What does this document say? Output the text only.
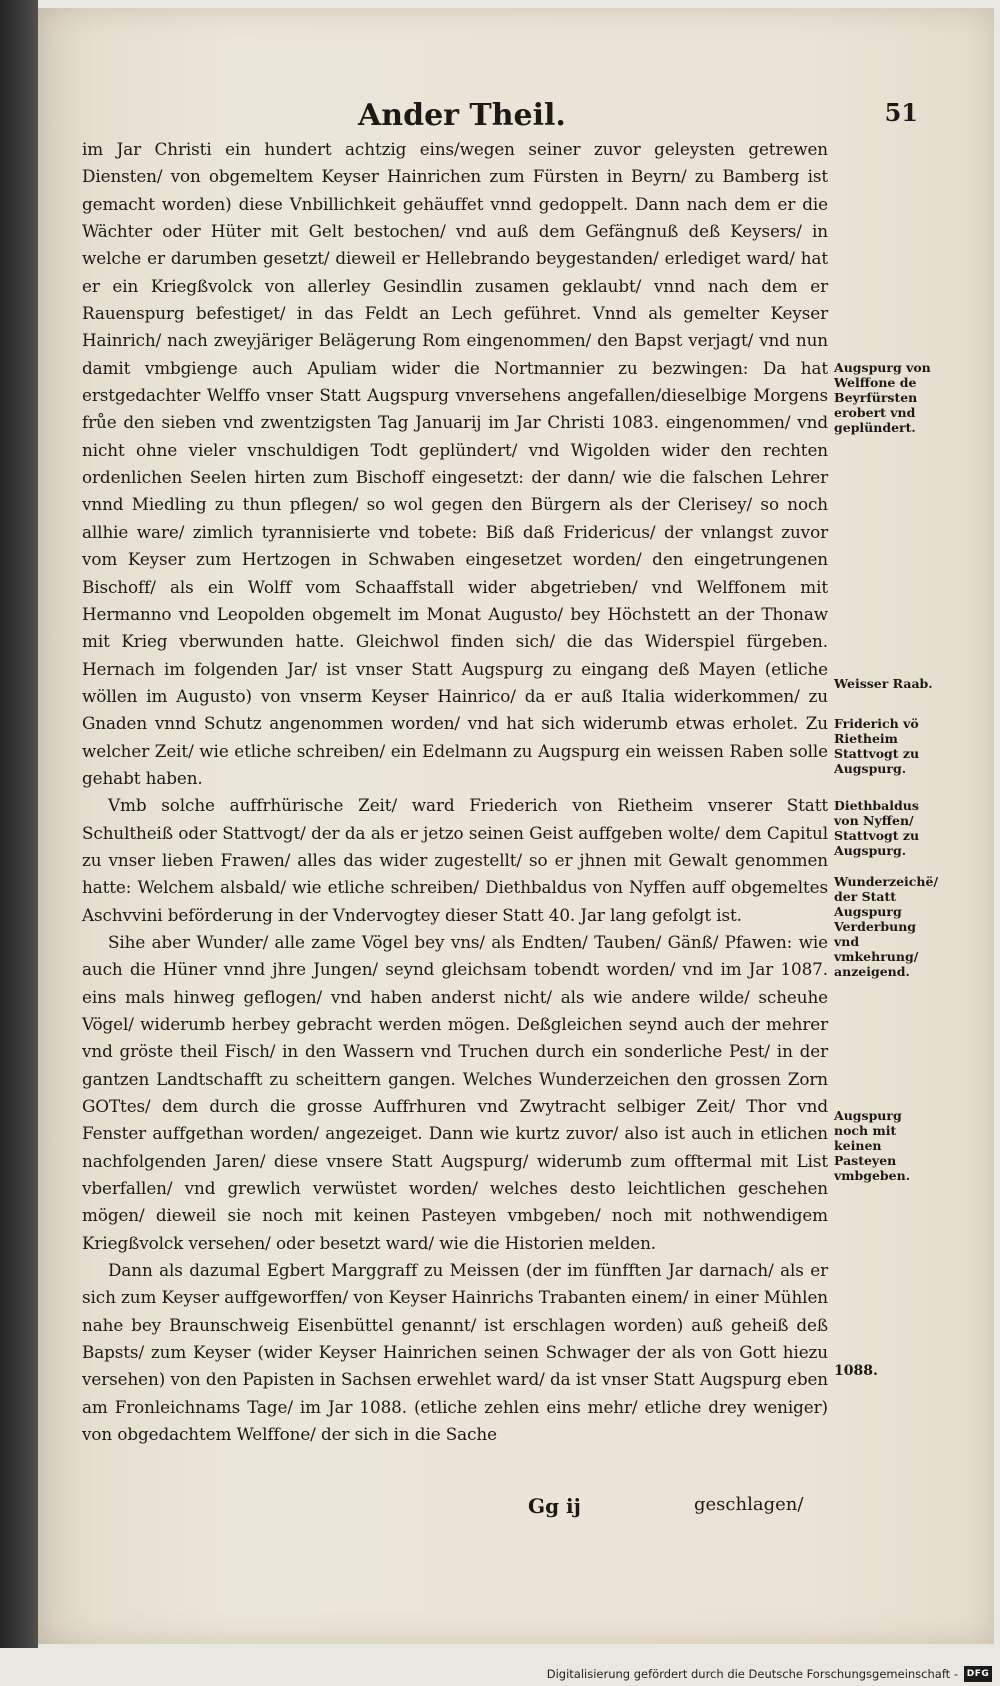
Ander Theil.	51

im Jar Christi ein hundert achtzig eins/wegen seiner zuvor geleysten getrewen Diensten/ von obgemeltem Keyser Hainrichen zum Fürsten in Beyrn/ zu Bamberg ist gemacht worden) diese Vnbillichkeit gehäuffet vnnd gedoppelt. Dann nach dem er die Wächter oder Hüter mit Gelt bestochen/ vnd auß dem Gefängnuß deß Keysers/ in welche er darumben gesetzt/ dieweil er Hellebrando beygestanden/ erlediget ward/ hat er ein Kriegßvolck von allerley Gesindlin zusamen geklaubt/ vnnd nach dem er Rauenspurg befestiget/ in das Feldt an Lech geführet. Vnnd als gemelter Keyser Hainrich/ nach zweyjäriger Belägerung Rom eingenommen/ den Bapst verjagt/ vnd nun damit vmbgienge auch Apuliam wider die Nortmannier zu bezwingen: Da hat erstgedachter Welffo vnser Statt Augspurg vnversehens angefallen/dieselbige Morgens frůe den sieben vnd zwentzigsten Tag Januarij im Jar Christi 1083. eingenommen/ vnd nicht ohne vieler vnschuldigen Todt geplündert/ vnd Wigolden wider den rechten ordenlichen Seelen hirten zum Bischoff eingesetzt: der dann/ wie die falschen Lehrer vnnd Miedling zu thun pflegen/ so wol gegen den Bürgern als der Clerisey/ so noch allhie ware/ zimlich tyrannisierte vnd tobete: Biß daß Fridericus/ der vnlangst zuvor vom Keyser zum Hertzogen in Schwaben eingesetzet worden/ den eingetrungenen Bischoff/ als ein Wolff vom Schaaffstall wider abgetrieben/ vnd Welffonem mit Hermanno vnd Leopolden obgemelt im Monat Augusto/ bey Höchstett an der Thonaw mit Krieg vberwunden hatte. Gleichwol finden sich/ die das Widerspiel fürgeben. Hernach im folgenden Jar/ ist vnser Statt Augspurg zu eingang deß Mayen (etliche wöllen im Augusto) von vnserm Keyser Hainrico/ da er auß Italia widerkommen/ zu Gnaden vnnd Schutz angenommen worden/ vnd hat sich widerumb etwas erholet. Zu welcher Zeit/ wie etliche schreiben/ ein Edelmann zu Augspurg ein weissen Raben solle gehabt haben.

Vmb solche auffrhürische Zeit/ ward Friederich von Rietheim vnserer Statt Schultheiß oder Stattvogt/ der da als er jetzo seinen Geist auffgeben wolte/ dem Capitul zu vnser lieben Frawen/ alles das wider zugestellt/ so er jhnen mit Gewalt genommen hatte: Welchem alsbald/ wie etliche schreiben/ Diethbaldus von Nyffen auff obgemeltes Aschvvini beförderung in der Vndervogtey dieser Statt 40. Jar lang gefolgt ist.

Sihe aber Wunder/ alle zame Vögel bey vns/ als Endten/ Tauben/ Gänß/ Pfawen: wie auch die Hüner vnnd jhre Jungen/ seynd gleichsam tobendt worden/ vnd im Jar 1087. eins mals hinweg geflogen/ vnd haben anderst nicht/ als wie andere wilde/ scheuhe Vögel/ widerumb herbey gebracht werden mögen. Deßgleichen seynd auch der mehrer vnd gröste theil Fisch/ in den Wassern vnd Truchen durch ein sonderliche Pest/ in der gantzen Landtschafft zu scheittern gangen. Welches Wunderzeichen den grossen Zorn GOTtes/ dem durch die grosse Auffrhuren vnd Zwytracht selbiger Zeit/ Thor vnd Fenster auffgethan worden/ angezeiget. Dann wie kurtz zuvor/ also ist auch in etlichen nachfolgenden Jaren/ diese vnsere Statt Augspurg/ widerumb zum offtermal mit List vberfallen/ vnd grewlich verwüstet worden/ welches desto leichtlichen geschehen mögen/ dieweil sie noch mit keinen Pasteyen vmbgeben/ noch mit nothwendigem Kriegßvolck versehen/ oder besetzt ward/ wie die Historien melden.

Dann als dazumal Egbert Marggraff zu Meissen (der im fünfften Jar darnach/ als er sich zum Keyser auffgeworffen/ von Keyser Hainrichs Trabanten einem/ in einer Mühlen nahe bey Braunschweig Eisenbüttel genannt/ ist erschlagen worden) auß geheiß deß Bapsts/ zum Keyser (wider Keyser Hainrichen seinen Schwager der als von Gott hiezu versehen) von den Papisten in Sachsen erwehlet ward/ da ist vnser Statt Augspurg eben am Fronleichnams Tage/ im Jar 1088. (etliche zehlen eins mehr/ etliche drey weniger) von obgedachtem Welffone/ der sich in die Sache

Augspurg von Welffone de Beyrfürsten erobert vnd geplündert.
Weisser Raab.
Friderich vö Rietheim Stattvogt zu Augspurg.
Diethbaldus von Nyffen/ Stattvogt zu Augspurg.
Wunderzeichë/ der Statt Augspurg Verderbung vnd vmkehrung/ anzeigend.
Augspurg noch mit keinen Pasteyen vmbgeben.
1088.
Gg ij	geschlagen/
Digitalisierung gefördert durch die Deutsche Forschungsgemeinschaft - DFG
